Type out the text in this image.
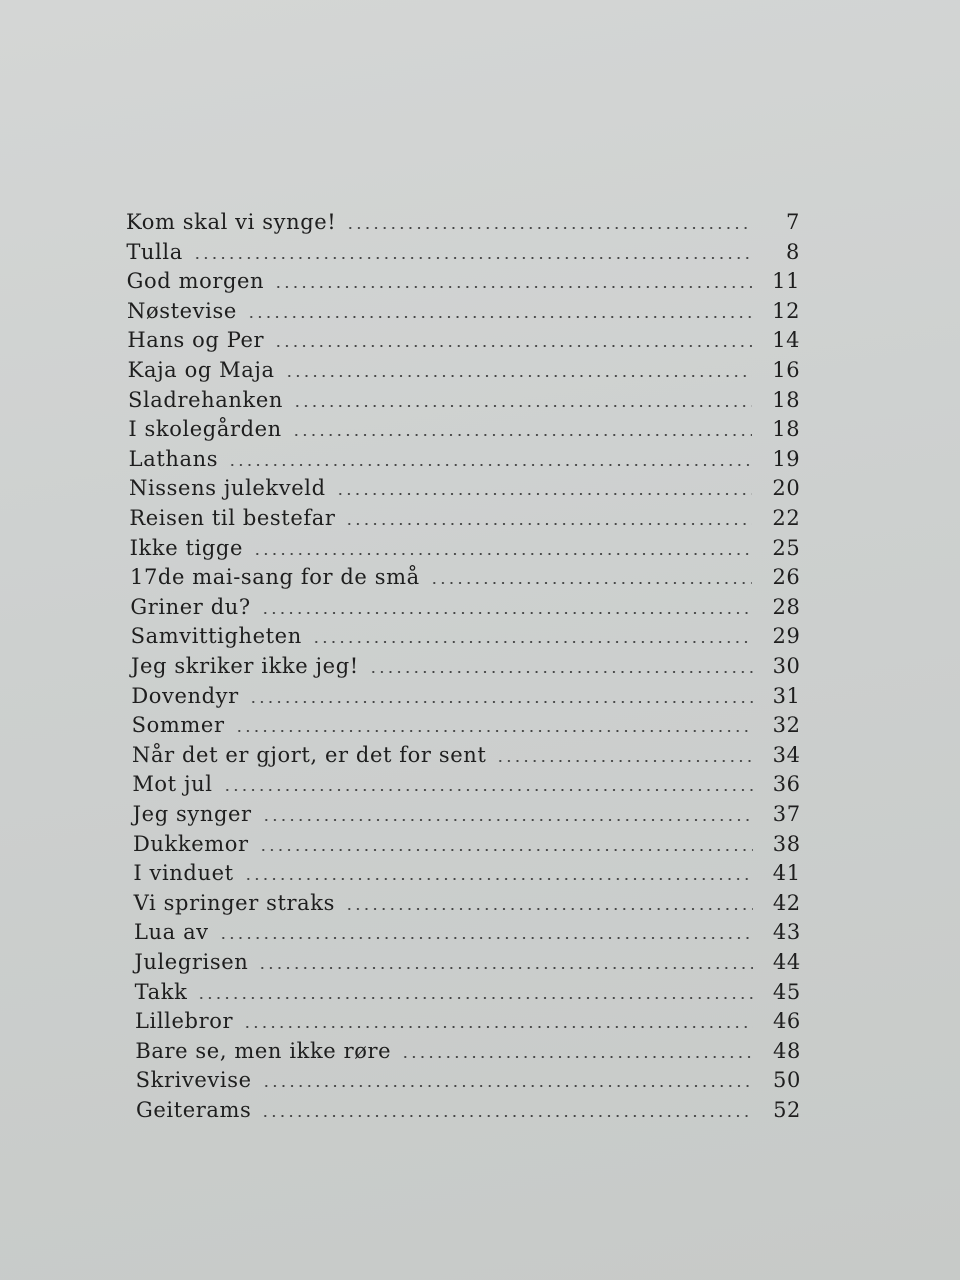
Kom skal vi synge!	7
Tulla	8
God morgen	11
Nøstevise	12
Hans og Per	14
Kaja og Maja	16
Sladrehanken	18
I skolegården	18
Lathans	19
Nissens julekveld	20
Reisen til bestefar	22
Ikke tigge	25
17de mai-sang for de små	26
Griner du?	28
Samvittigheten	29
Jeg skriker ikke jeg!	30
Dovendyr	31
Sommer	32
Når det er gjort, er det for sent	34
Mot jul	36
Jeg synger	37
Dukkemor	38
I vinduet	41
Vi springer straks	42
Lua av	43
Julegrisen	44
Takk	45
Lillebror	46
Bare se, men ikke røre	48
Skrivevise	50
Geiterams	52
